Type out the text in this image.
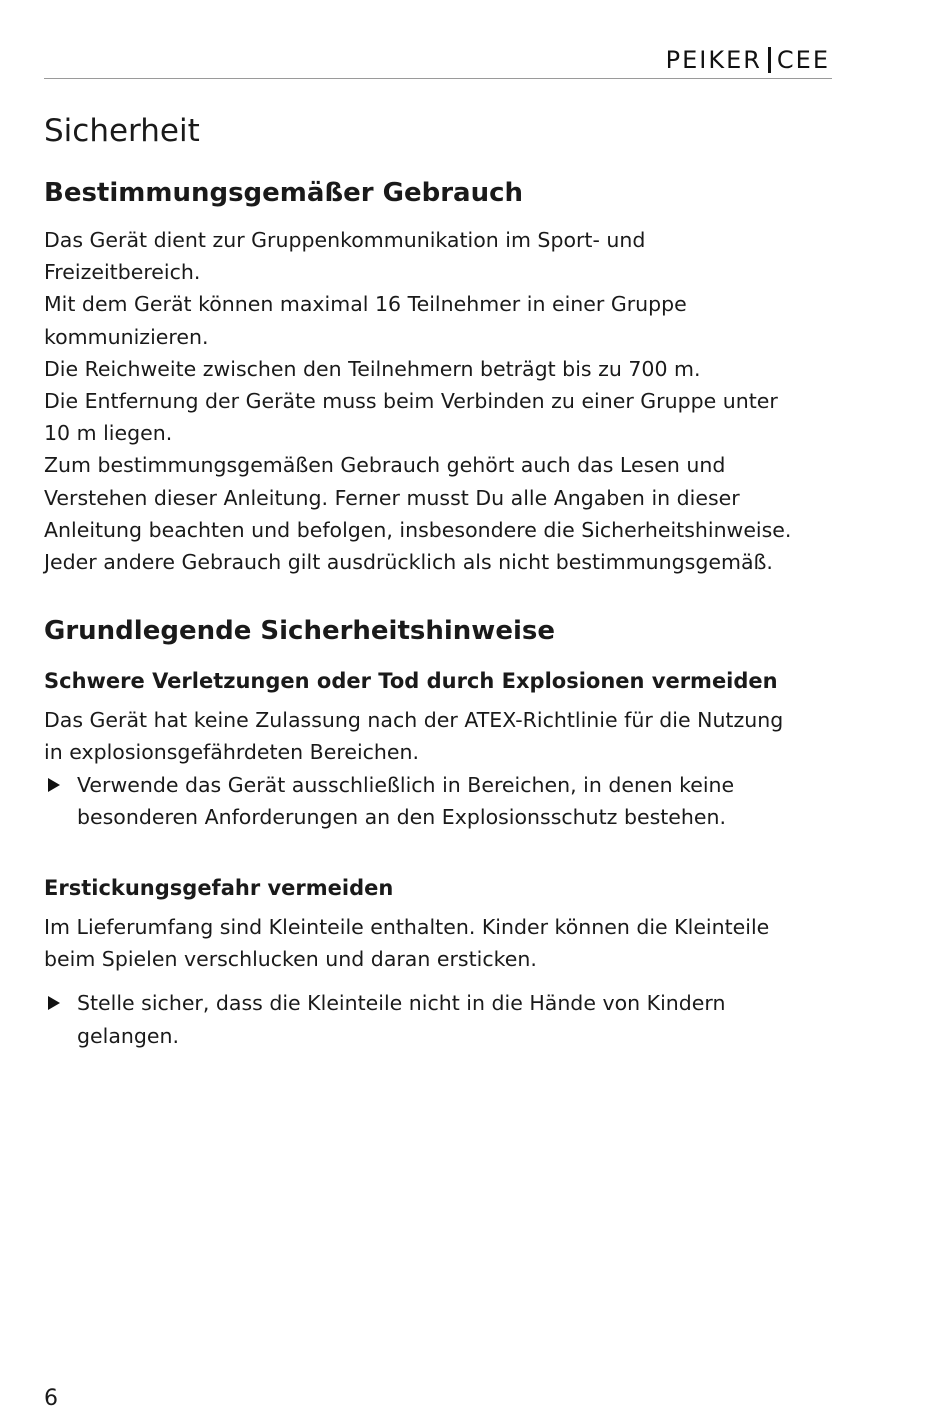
PEIKER CEE
Sicherheit
Bestimmungsgemäßer Gebrauch

Das Gerät dient zur Gruppenkommunikation im Sport- und

Freizeitbereich.

Mit dem Gerät können maximal 16 Teilnehmer in einer Gruppe

kommunizieren.

Die Reichweite zwischen den Teilnehmern beträgt bis zu 700 m.

Die Entfernung der Geräte muss beim Verbinden zu einer Gruppe unter

10 m liegen.

Zum bestimmungsgemäßen Gebrauch gehört auch das Lesen und

Verstehen dieser Anleitung. Ferner musst Du alle Angaben in dieser

Anleitung beachten und befolgen, insbesondere die Sicherheitshinweise.

Jeder andere Gebrauch gilt ausdrücklich als nicht bestimmungsgemäß.

Grundlegende Sicherheitshinweise
Schwere Verletzungen oder Tod durch Explosionen vermeiden

Das Gerät hat keine Zulassung nach der ATEX-Richtlinie für die Nutzung

in explosionsgefährdeten Bereichen.

Verwende das Gerät ausschließlich in Bereichen, in denen keine
besonderen Anforderungen an den Explosionsschutz bestehen.
Erstickungsgefahr vermeiden

Im Lieferumfang sind Kleinteile enthalten. Kinder können die Kleinteile

beim Spielen verschlucken und daran ersticken.

Stelle sicher, dass die Kleinteile nicht in die Hände von Kindern
gelangen.
6
